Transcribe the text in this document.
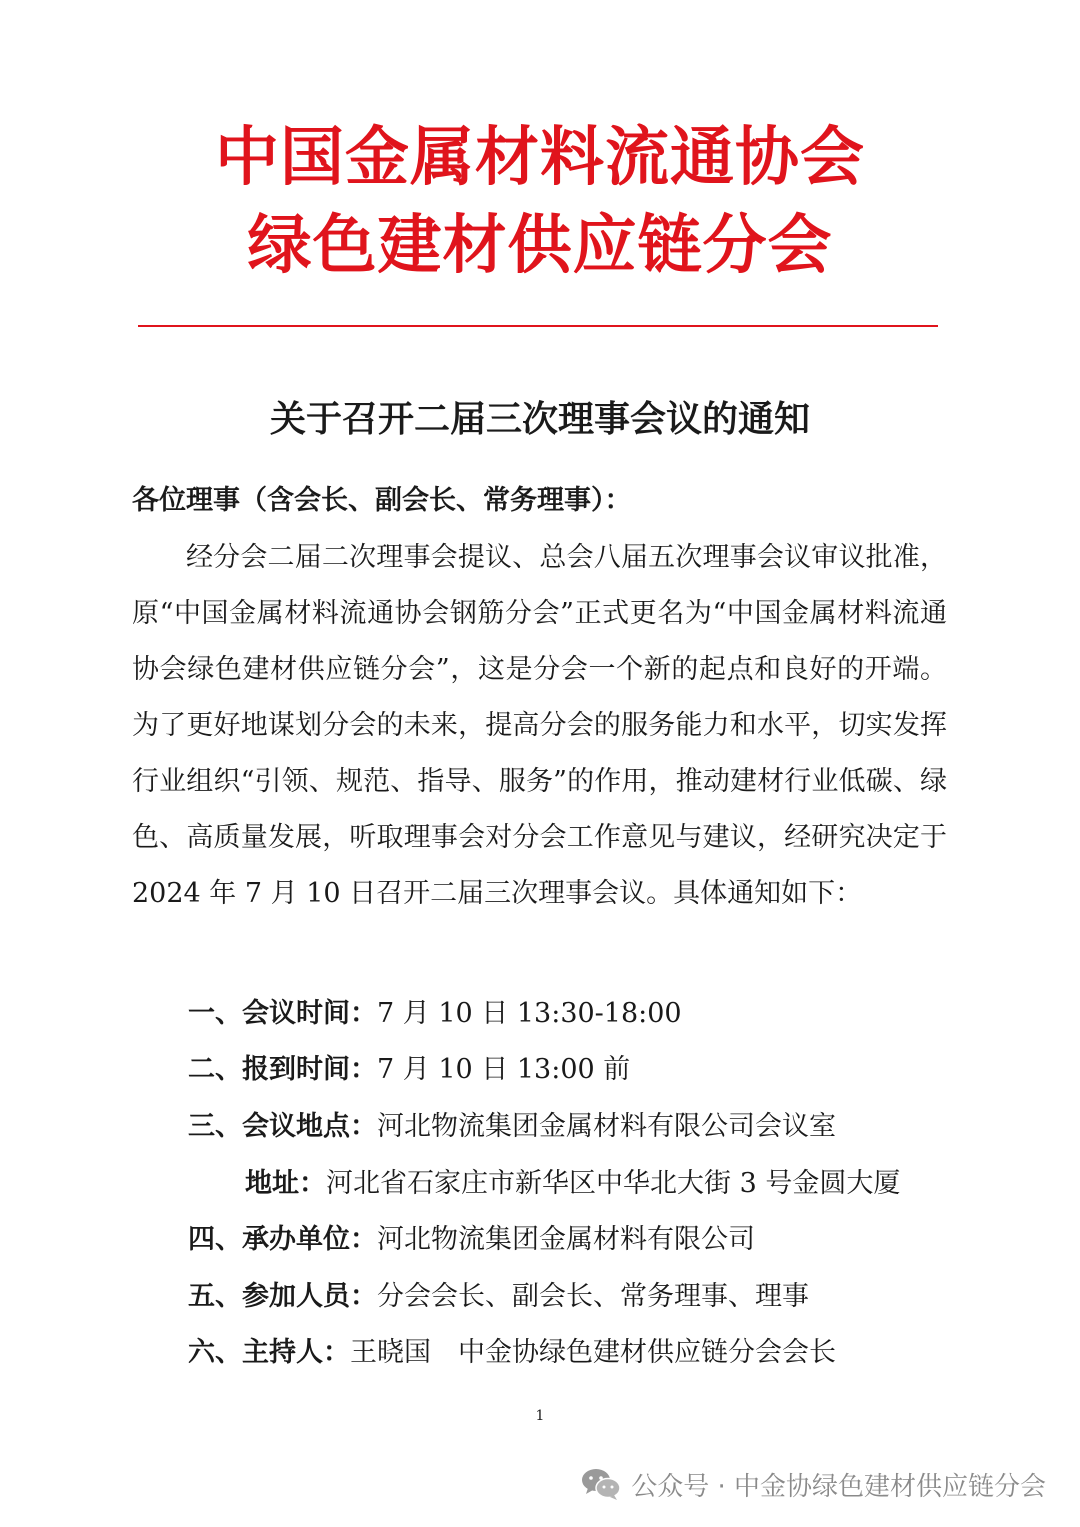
中国金属材料流通协会
绿色建材供应链分会
关于召开二届三次理事会议的通知
各位理事（含会长、副会长、常务理事）：

经分会二届二次理事会提议、总会八届五次理事会议审议批准，原“中国金属材料流通协会钢筋分会”正式更名为“中国金属材料流通协会绿色建材供应链分会”，这是分会一个新的起点和良好的开端。为了更好地谋划分会的未来，提高分会的服务能力和水平，切实发挥行业组织“引领、规范、指导、服务”的作用，推动建材行业低碳、绿色、高质量发展，听取理事会对分会工作意见与建议，经研究决定于 2024 年 7 月 10 日召开二届三次理事会议。具体通知如下：

一、会议时间：7 月 10 日 13:30-18:00
二、报到时间：7 月 10 日 13:00 前
三、会议地点：河北物流集团金属材料有限公司会议室
地址：河北省石家庄市新华区中华北大街 3 号金圆大厦
四、承办单位：河北物流集团金属材料有限公司
五、参加人员：分会会长、副会长、常务理事、理事
六、主持人：王晓国　中金协绿色建材供应链分会会长
1
公众号 · 中金协绿色建材供应链分会
